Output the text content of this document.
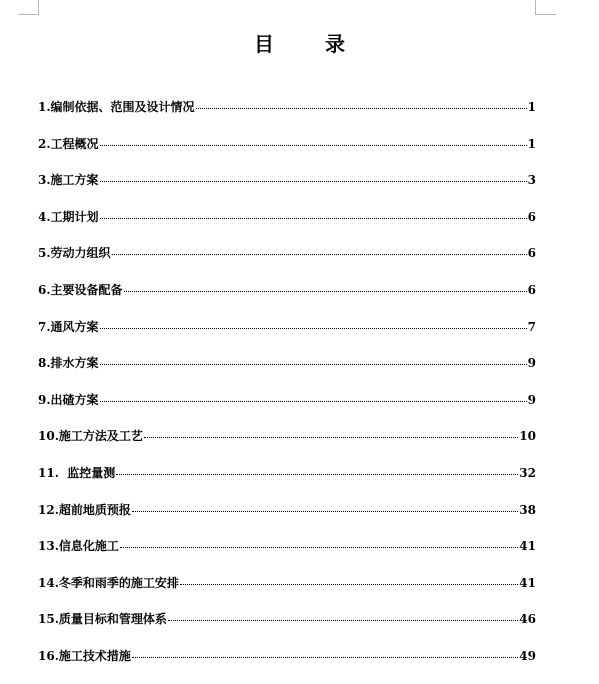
目 录
1. 编制依据、范围及设计情况	1
2. 工程概况	1
3. 施工方案	3
4. 工期计划	6
5. 劳动力组织	6
6. 主要设备配备	6
7. 通风方案	7
8. 排水方案	9
9. 出碴方案	9
10. 施工方法及工艺	10
11. 监控量测	32
12. 超前地质预报	38
13. 信息化施工	41
14. 冬季和雨季的施工安排	41
15. 质量目标和管理体系	46
16. 施工技术措施	49
